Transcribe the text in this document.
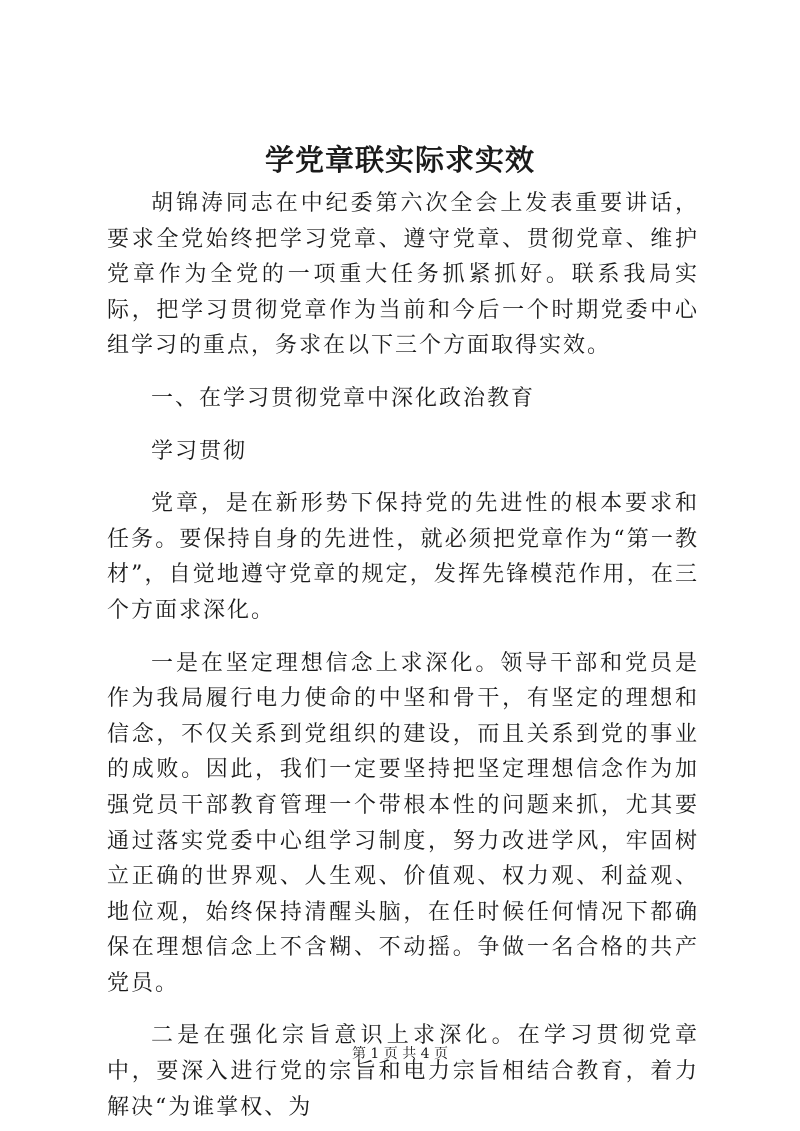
学党章联实际求实效

胡锦涛同志在中纪委第六次全会上发表重要讲话，要求全党始终把学习党章、遵守党章、贯彻党章、维护党章作为全党的一项重大任务抓紧抓好。联系我局实际，把学习贯彻党章作为当前和今后一个时期党委中心组学习的重点，务求在以下三个方面取得实效。

一、在学习贯彻党章中深化政治教育

学习贯彻

党章，是在新形势下保持党的先进性的根本要求和任务。要保持自身的先进性，就必须把党章作为“第一教材”，自觉地遵守党章的规定，发挥先锋模范作用，在三个方面求深化。

一是在坚定理想信念上求深化。领导干部和党员是作为我局履行电力使命的中坚和骨干，有坚定的理想和信念，不仅关系到党组织的建设，而且关系到党的事业的成败。因此，我们一定要坚持把坚定理想信念作为加强党员干部教育管理一个带根本性的问题来抓，尤其要通过落实党委中心组学习制度，努力改进学风，牢固树立正确的世界观、人生观、价值观、权力观、利益观、地位观，始终保持清醒头脑，在任时候任何情况下都确保在理想信念上不含糊、不动摇。争做一名合格的共产党员。

二是在强化宗旨意识上求深化。在学习贯彻党章中，要深入进行党的宗旨和电力宗旨相结合教育，着力解决“为谁掌权、为

第 1 页 共 4 页
